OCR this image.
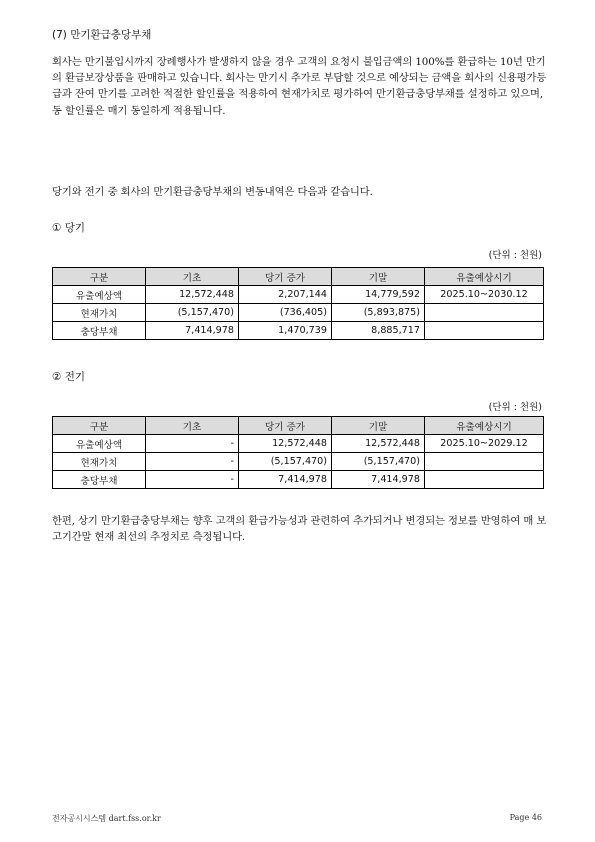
(7) 만기환급충당부채
회사는 만기불입시까지 장례행사가 발생하지 않을 경우 고객의 요청시 불입금액의 100%를 환급하는 10년 만기의 환급보장상품을 판매하고 있습니다. 회사는 만기시 추가로 부담할 것으로 예상되는 금액을 회사의 신용평가등급과 잔여 만기를 고려한 적절한 할인률을 적용하여 현재가치로 평가하여 만기환급충당부채를 설정하고 있으며, 동 할인률은 매기 동일하게 적용됩니다.
당기와 전기 중 회사의 만기환급충당부채의 변동내역은 다음과 같습니다.
① 당기
(단위 : 천원)
구분	기초	당기 증가	기말	유출예상시기
유출예상액	12,572,448	2,207,144	14,779,592	2025.10~2030.12
현재가치	(5,157,470)	(736,405)	(5,893,875)	
충당부채	7,414,978	1,470,739	8,885,717	
② 전기
(단위 : 천원)
구분	기초	당기 증가	기말	유출예상시기
유출예상액	-	12,572,448	12,572,448	2025.10~2029.12
현재가치	-	(5,157,470)	(5,157,470)	
충당부채	-	7,414,978	7,414,978	
한편, 상기 만기환급충당부채는 향후 고객의 환급가능성과 관련하여 추가되거나 변경되는 정보를 반영하여 매 보고기간말 현재 최선의 추정치로 측정됩니다.
전자공시시스템 dart.fss.or.kr	Page 46
